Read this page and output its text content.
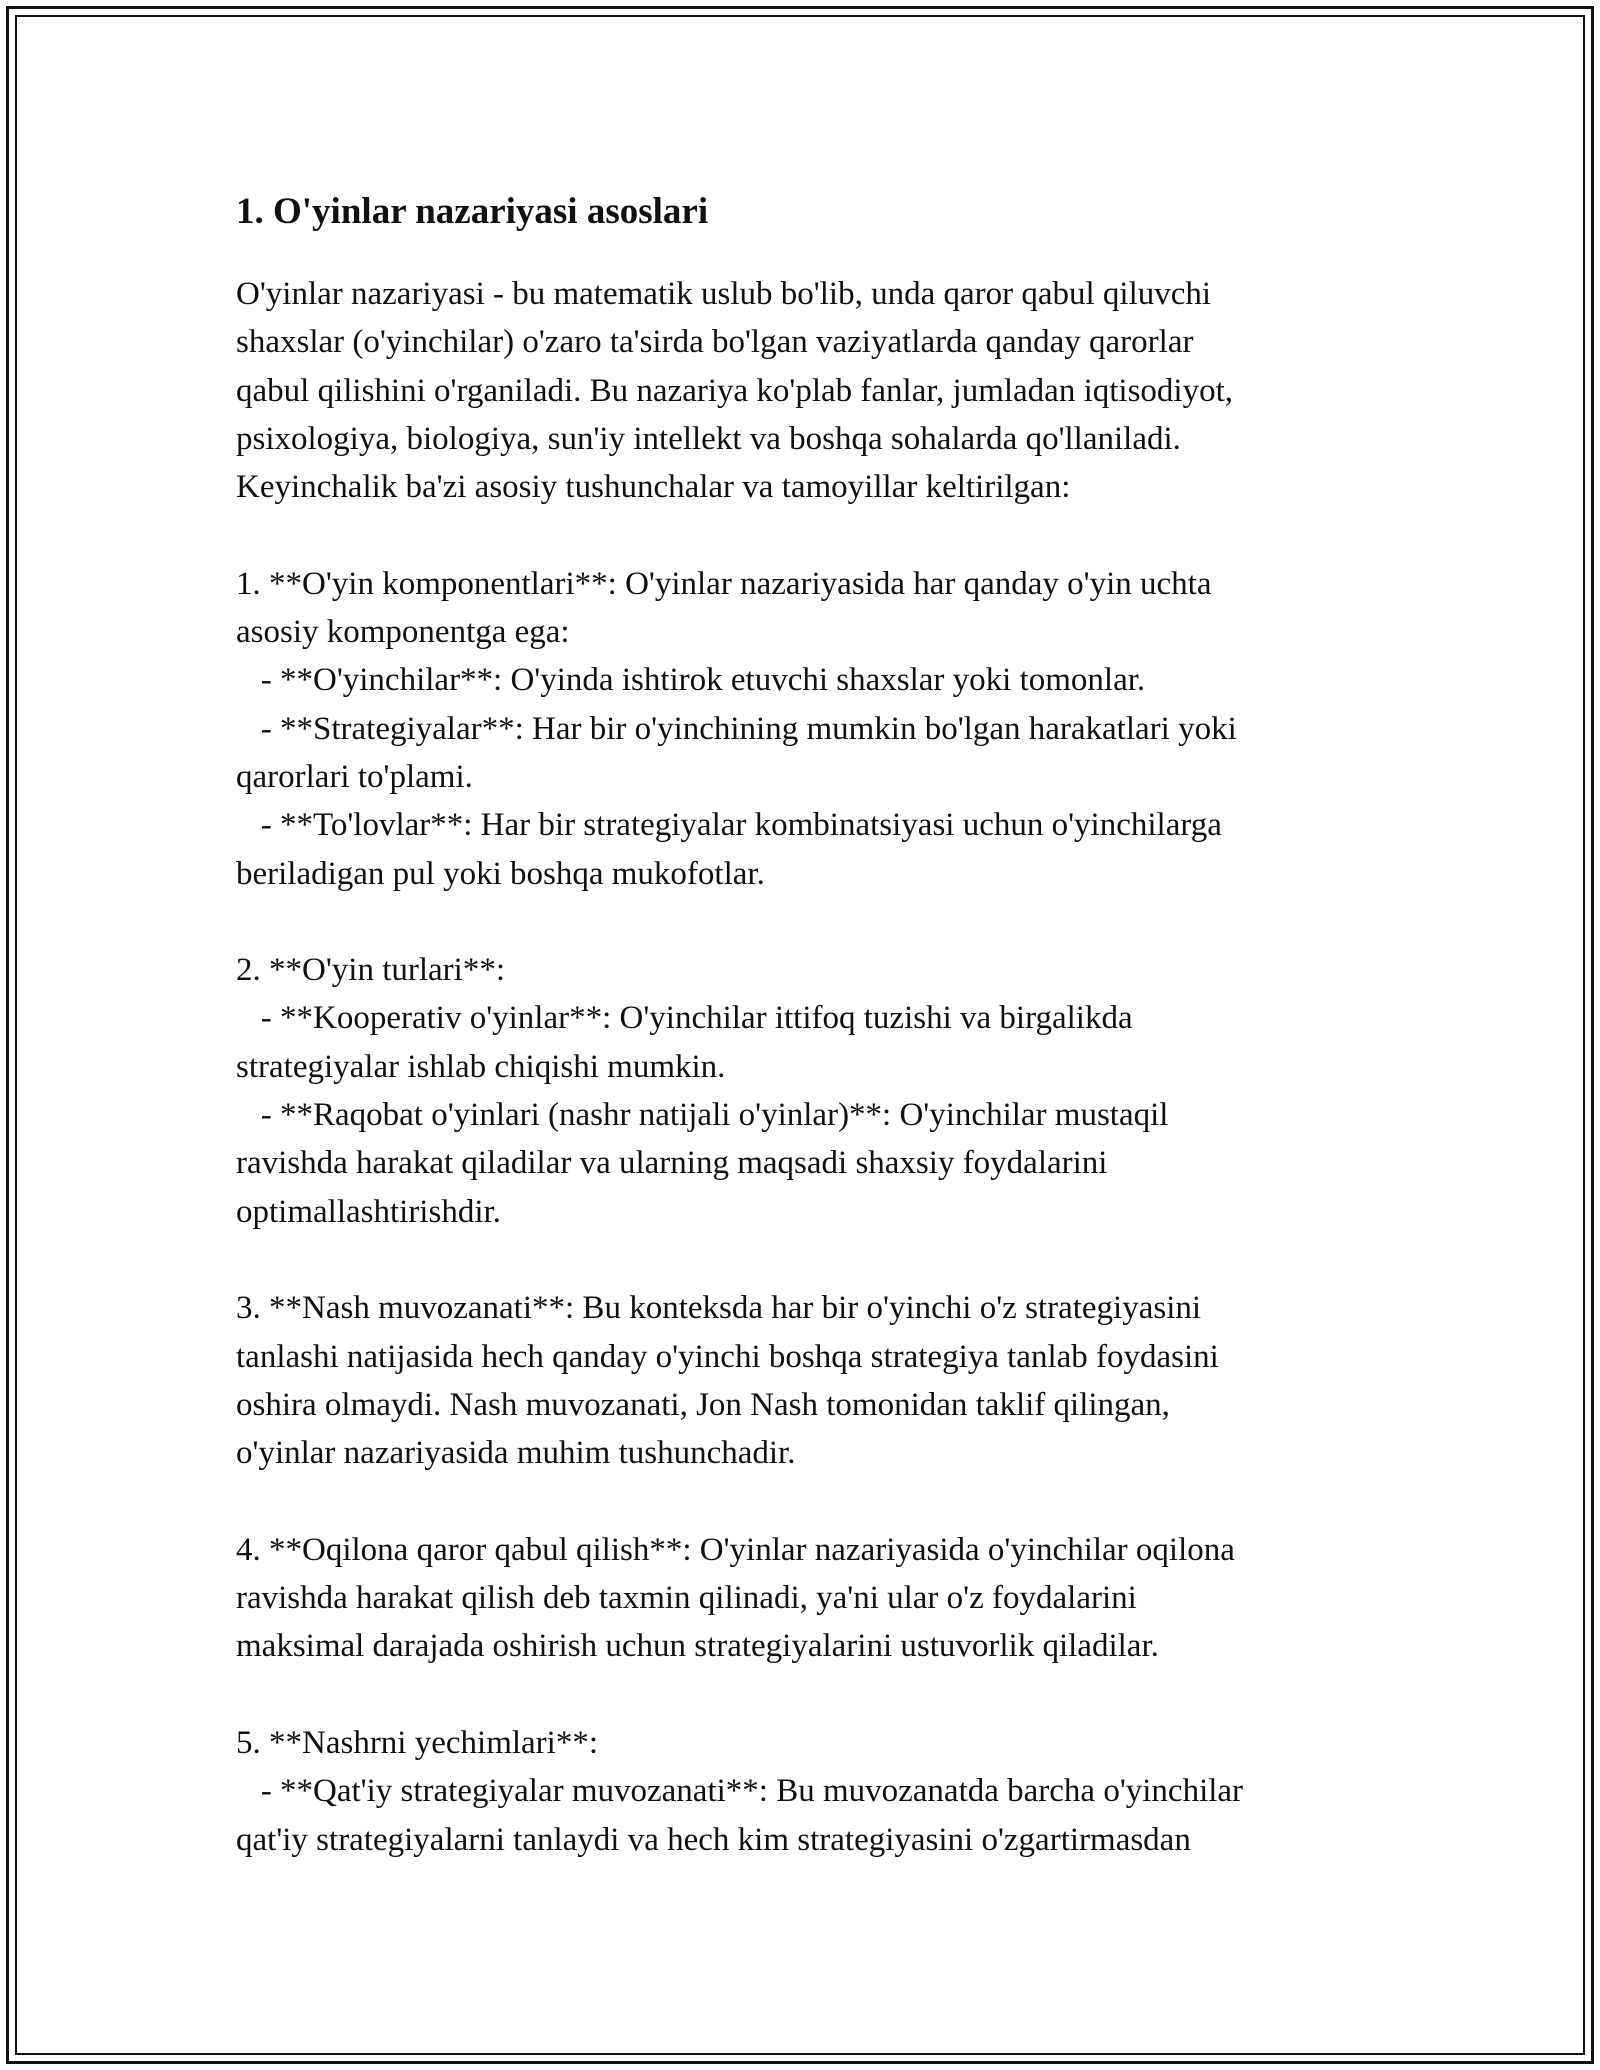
1. O'yinlar nazariyasi asoslari
O'yinlar nazariyasi - bu matematik uslub bo'lib, unda qaror qabul qiluvchi
shaxslar (o'yinchilar) o'zaro ta'sirda bo'lgan vaziyatlarda qanday qarorlar
qabul qilishini o'rganiladi. Bu nazariya ko'plab fanlar, jumladan iqtisodiyot,
psixologiya, biologiya, sun'iy intellekt va boshqa sohalarda qo'llaniladi.
Keyinchalik ba'zi asosiy tushunchalar va tamoyillar keltirilgan:
1. **O'yin komponentlari**: O'yinlar nazariyasida har qanday o'yin uchta
asosiy komponentga ega:
- **O'yinchilar**: O'yinda ishtirok etuvchi shaxslar yoki tomonlar.
- **Strategiyalar**: Har bir o'yinchining mumkin bo'lgan harakatlari yoki
qarorlari to'plami.
- **To'lovlar**: Har bir strategiyalar kombinatsiyasi uchun o'yinchilarga
beriladigan pul yoki boshqa mukofotlar.
2. **O'yin turlari**:
- **Kooperativ o'yinlar**: O'yinchilar ittifoq tuzishi va birgalikda
strategiyalar ishlab chiqishi mumkin.
- **Raqobat o'yinlari (nashr natijali o'yinlar)**: O'yinchilar mustaqil
ravishda harakat qiladilar va ularning maqsadi shaxsiy foydalarini
optimallashtirishdir.
3. **Nash muvozanati**: Bu konteksda har bir o'yinchi o'z strategiyasini
tanlashi natijasida hech qanday o'yinchi boshqa strategiya tanlab foydasini
oshira olmaydi. Nash muvozanati, Jon Nash tomonidan taklif qilingan,
o'yinlar nazariyasida muhim tushunchadir.
4. **Oqilona qaror qabul qilish**: O'yinlar nazariyasida o'yinchilar oqilona
ravishda harakat qilish deb taxmin qilinadi, ya'ni ular o'z foydalarini
maksimal darajada oshirish uchun strategiyalarini ustuvorlik qiladilar.
5. **Nashrni yechimlari**:
- **Qat'iy strategiyalar muvozanati**: Bu muvozanatda barcha o'yinchilar
qat'iy strategiyalarni tanlaydi va hech kim strategiyasini o'zgartirmasdan
